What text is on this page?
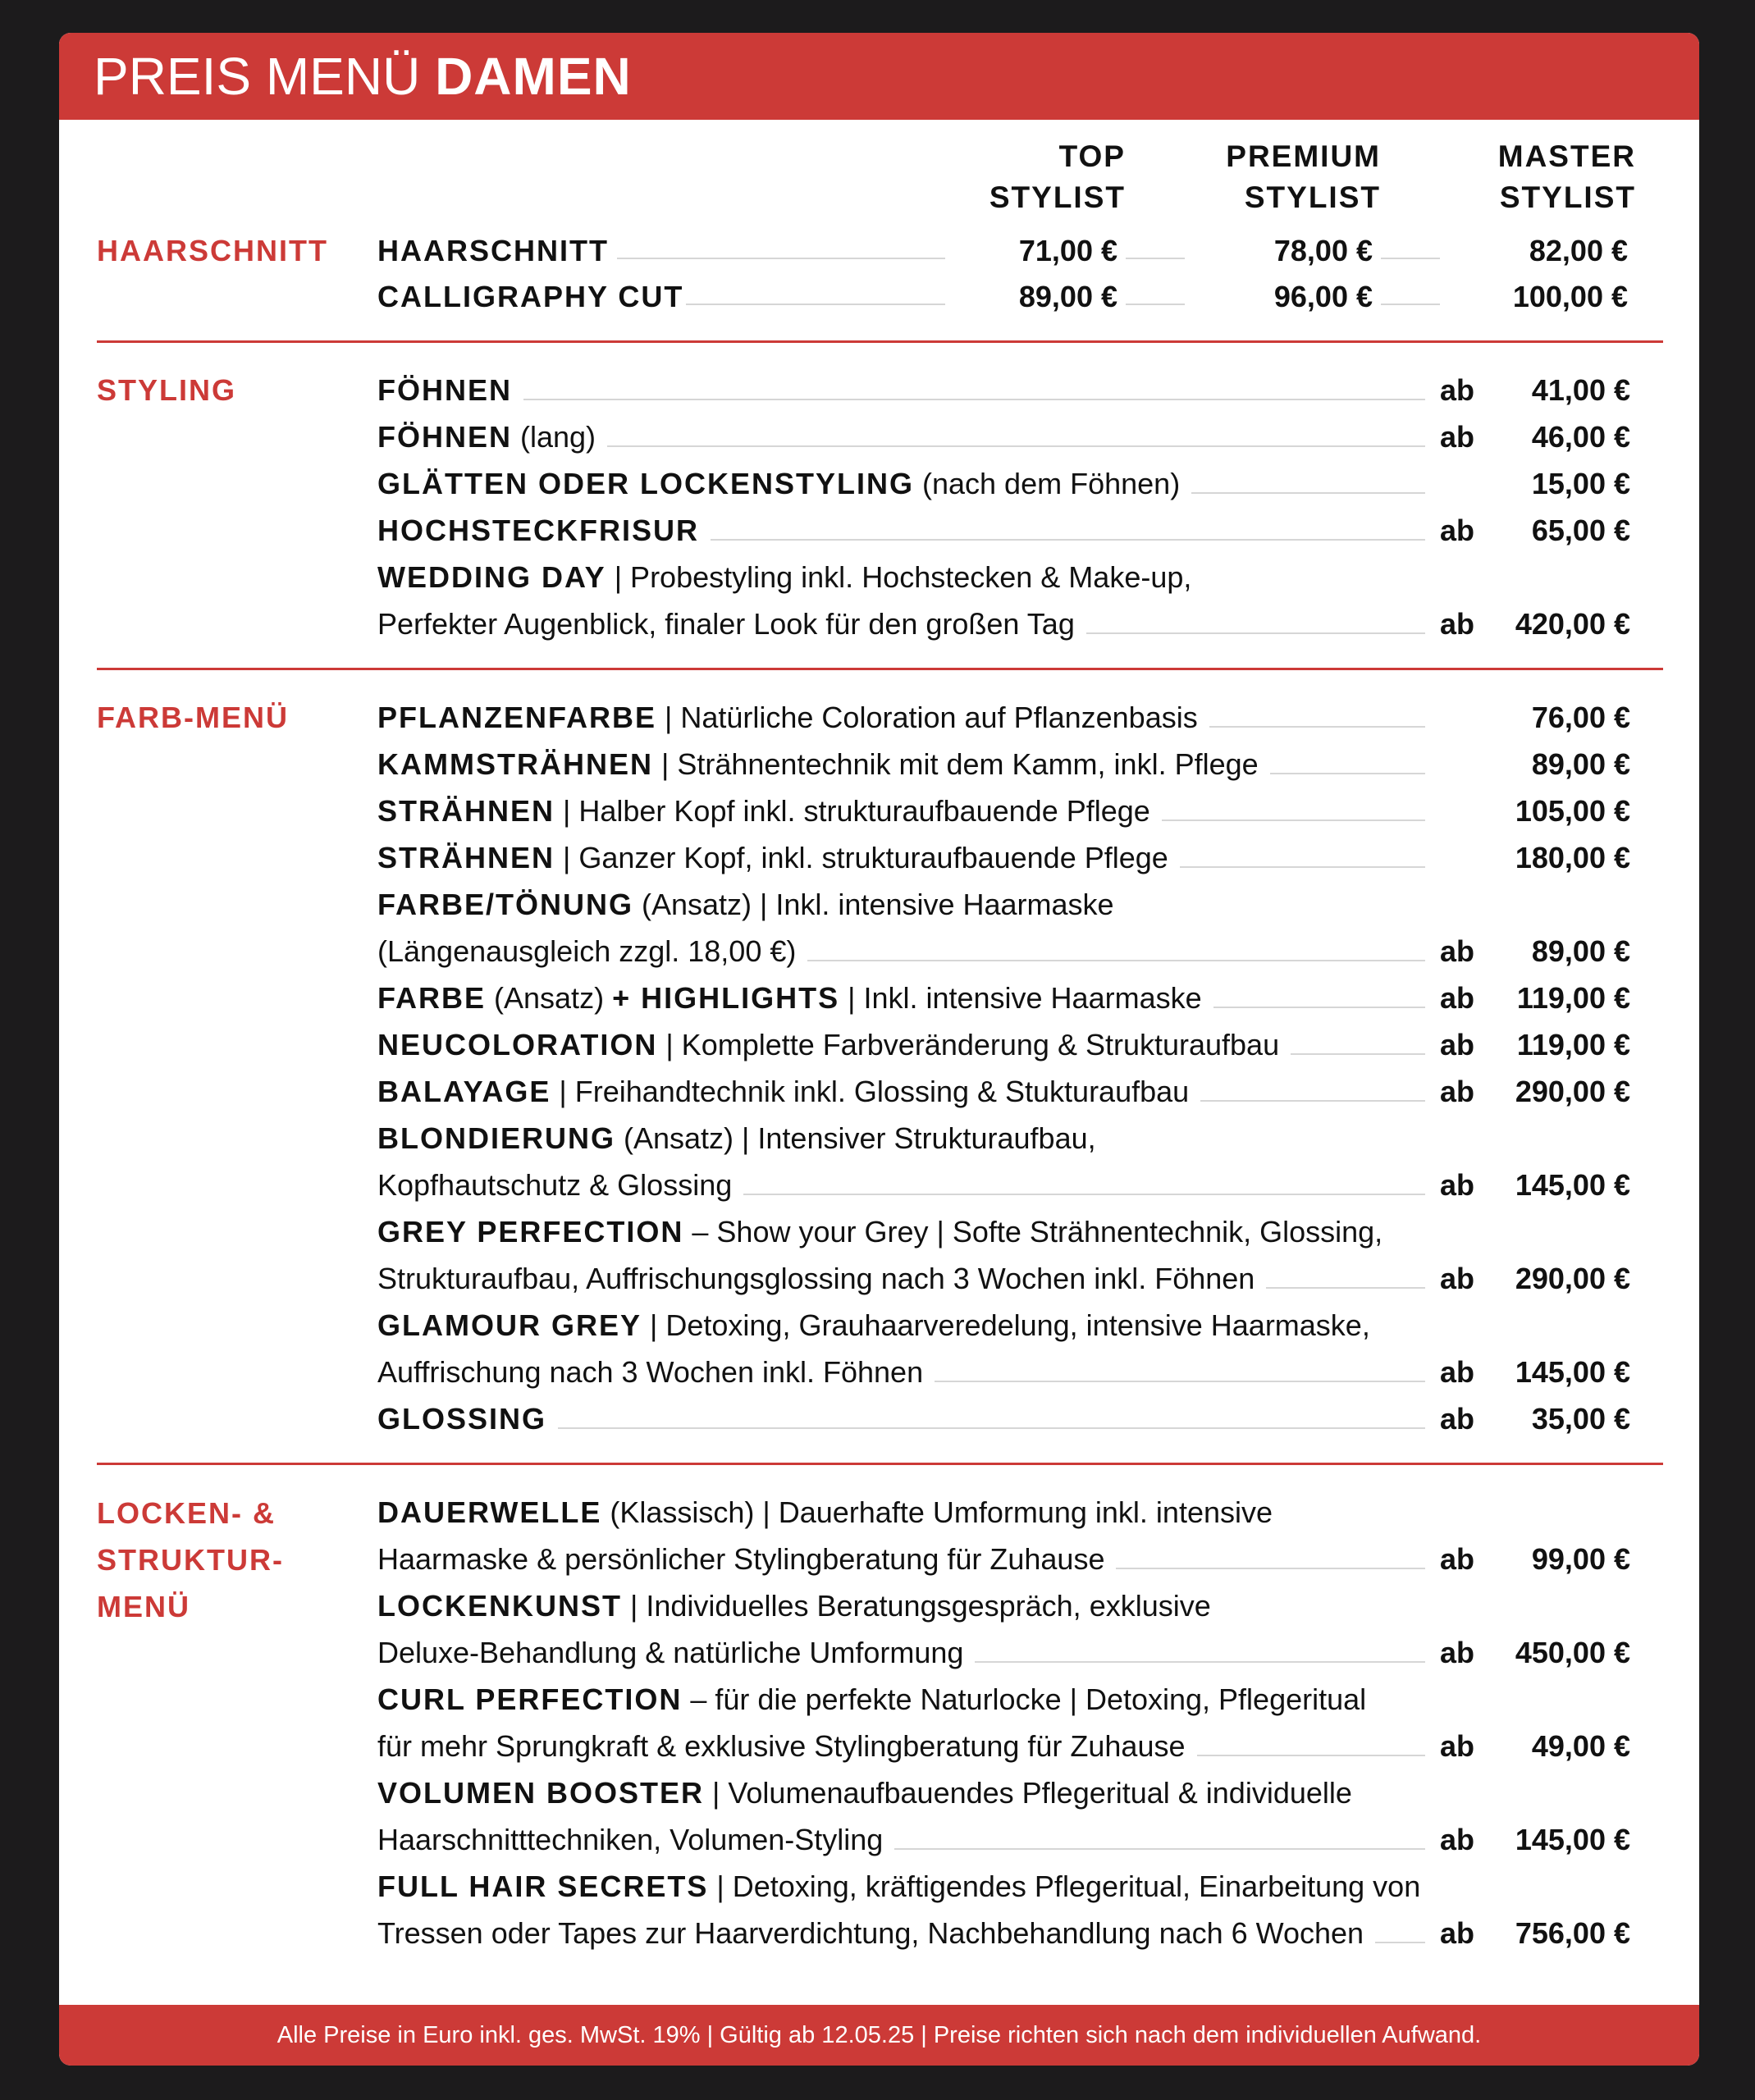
PREIS MENÜ DAMEN
TOP
STYLIST
PREMIUM
STYLIST
MASTER
STYLIST
HAARSCHNITT HAARSCHNITT	71,00 €	78,00 €	82,00 €
CALLIGRAPHY CUT	89,00 €	96,00 €	100,00 €
STYLING	FÖHNEN	ab	41,00 €
FÖHNEN (lang)	ab	46,00 €
GLÄTTEN ODER LOCKENSTYLING (nach dem Föhnen)	15,00 €
HOCHSTECKFRISUR	ab	65,00 €
WEDDING DAY | Probestyling inkl. Hochstecken & Make-up,
Perfekter Augenblick, finaler Look für den großen Tag	ab	420,00 €
FARB-MENÜ	PFLANZENFARBE | Natürliche Coloration auf Pflanzenbasis	76,00 €
KAMMSTRÄHNEN | Strähnentechnik mit dem Kamm, inkl. Pflege	89,00 €
STRÄHNEN | Halber Kopf inkl. strukturaufbauende Pflege	105,00 €
STRÄHNEN | Ganzer Kopf, inkl. strukturaufbauende Pflege	180,00 €
FARBE/TÖNUNG (Ansatz) | Inkl. intensive Haarmaske
(Längenausgleich zzgl. 18,00 €)	ab	89,00 €
FARBE (Ansatz) + HIGHLIGHTS | Inkl. intensive Haarmaske	ab	119,00 €
NEUCOLORATION | Komplette Farbveränderung & Strukturaufbau	ab	119,00 €
BALAYAGE | Freihandtechnik inkl. Glossing & Stukturaufbau	ab	290,00 €
BLONDIERUNG (Ansatz) | Intensiver Strukturaufbau,
Kopfhautschutz & Glossing	ab	145,00 €
GREY PERFECTION – Show your Grey | Softe Strähnentechnik, Glossing,
Strukturaufbau, Auffrischungsglossing nach 3 Wochen inkl. Föhnen	ab	290,00 €
GLAMOUR GREY | Detoxing, Grauhaarveredelung, intensive Haarmaske,
Auffrischung nach 3 Wochen inkl. Föhnen	ab	145,00 €
GLOSSING	ab	35,00 €
LOCKEN- &
STRUKTUR-
MENÜ
DAUERWELLE (Klassisch) | Dauerhafte Umformung inkl. intensive
Haarmaske & persönlicher Stylingberatung für Zuhause	ab	99,00 €
LOCKENKUNST | Individuelles Beratungsgespräch, exklusive
Deluxe-Behandlung & natürliche Umformung	ab	450,00 €
CURL PERFECTION – für die perfekte Naturlocke | Detoxing, Pflegeritual
für mehr Sprungkraft & exklusive Stylingberatung für Zuhause	ab	49,00 €
VOLUMEN BOOSTER | Volumenaufbauendes Pflegeritual & individuelle
Haarschnitttechniken, Volumen-Styling	ab	145,00 €
FULL HAIR SECRETS | Detoxing, kräftigendes Pflegeritual, Einarbeitung von
Tressen oder Tapes zur Haarverdichtung, Nachbehandlung nach 6 Wochen	ab	756,00 €
Alle Preise in Euro inkl. ges. MwSt. 19% | Gültig ab 12.05.25 | Preise richten sich nach dem individuellen Aufwand.
